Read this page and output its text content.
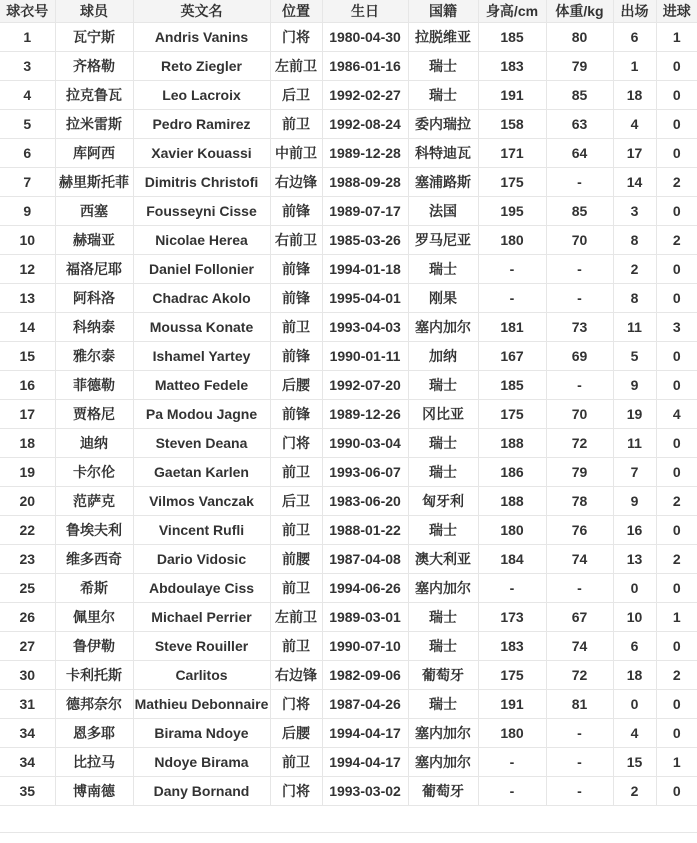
球衣号	球员	英文名	位置	生日	国籍	身高/cm	体重/kg	出场	进球
1	瓦宁斯	Andris Vanins	门将	1980-04-30	拉脱维亚	185	80	6	1
3	齐格勒	Reto Ziegler	左前卫	1986-01-16	瑞士	183	79	1	0
4	拉克鲁瓦	Leo Lacroix	后卫	1992-02-27	瑞士	191	85	18	0
5	拉米雷斯	Pedro Ramirez	前卫	1992-08-24	委内瑞拉	158	63	4	0
6	库阿西	Xavier Kouassi	中前卫	1989-12-28	科特迪瓦	171	64	17	0
7	赫里斯托菲	Dimitris Christofi	右边锋	1988-09-28	塞浦路斯	175	-	14	2
9	西塞	Fousseyni Cisse	前锋	1989-07-17	法国	195	85	3	0
10	赫瑞亚	Nicolae Herea	右前卫	1985-03-26	罗马尼亚	180	70	8	2
12	福洛尼耶	Daniel Follonier	前锋	1994-01-18	瑞士	-	-	2	0
13	阿科洛	Chadrac Akolo	前锋	1995-04-01	刚果	-	-	8	0
14	科纳泰	Moussa Konate	前卫	1993-04-03	塞内加尔	181	73	11	3
15	雅尔泰	Ishamel Yartey	前锋	1990-01-11	加纳	167	69	5	0
16	菲德勒	Matteo Fedele	后腰	1992-07-20	瑞士	185	-	9	0
17	贾格尼	Pa Modou Jagne	前锋	1989-12-26	冈比亚	175	70	19	4
18	迪纳	Steven Deana	门将	1990-03-04	瑞士	188	72	11	0
19	卡尔伦	Gaetan Karlen	前卫	1993-06-07	瑞士	186	79	7	0
20	范萨克	Vilmos Vanczak	后卫	1983-06-20	匈牙利	188	78	9	2
22	鲁埃夫利	Vincent Rufli	前卫	1988-01-22	瑞士	180	76	16	0
23	维多西奇	Dario Vidosic	前腰	1987-04-08	澳大利亚	184	74	13	2
25	希斯	Abdoulaye Ciss	前卫	1994-06-26	塞内加尔	-	-	0	0
26	佩里尔	Michael Perrier	左前卫	1989-03-01	瑞士	173	67	10	1
27	鲁伊勒	Steve Rouiller	前卫	1990-07-10	瑞士	183	74	6	0
30	卡利托斯	Carlitos	右边锋	1982-09-06	葡萄牙	175	72	18	2
31	德邦奈尔	Mathieu Debonnaire	门将	1987-04-26	瑞士	191	81	0	0
34	恩多耶	Birama Ndoye	后腰	1994-04-17	塞内加尔	180	-	4	0
34	比拉马	Ndoye Birama	前卫	1994-04-17	塞内加尔	-	-	15	1
35	博南德	Dany Bornand	门将	1993-03-02	葡萄牙	-	-	2	0
